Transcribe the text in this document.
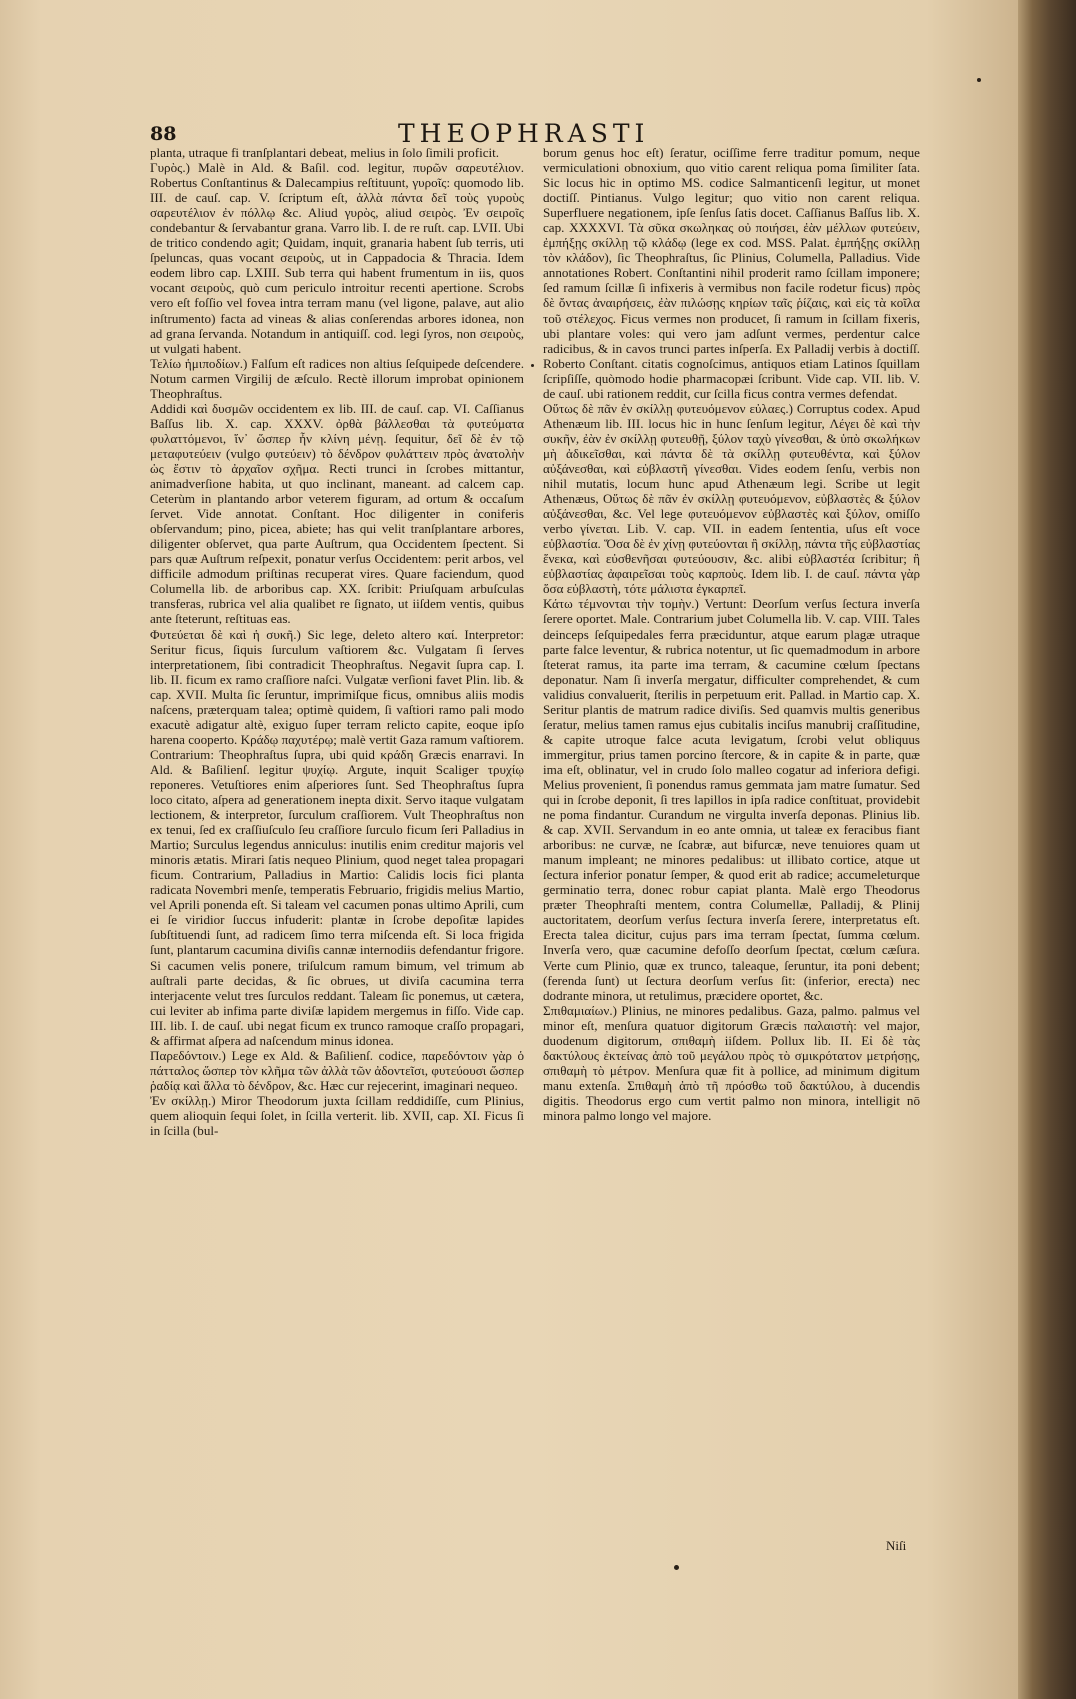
88	THEOPHRASTI

planta, utraque fi tranſplantari debeat, melius in ſolo ſimili proficit.

Γυρὸς.) Malè in Ald. & Baſil. cod. legitur, πυρῶν σαρευτέλιον. Robertus Conſtantinus & Dalecampius reſtituunt, γυροῖς: quomodo lib. III. de cauſ. cap. V. ſcriptum eſt, ἀλλὰ πάντα δεῖ τοὺς γυροὺς σαρευτέλιον ἐν πόλλῳ &c. Aliud γυρὸς, aliud σειρὸς. Ἐν σειροῖς condebantur & ſervabantur grana. Varro lib. I. de re ruſt. cap. LVII. Ubi de tritico condendo agit; Quidam, inquit, granaria habent ſub terris, uti ſpeluncas, quas vocant σειροὺς, ut in Cappadocia & Thracia. Idem eodem libro cap. LXIII. Sub terra qui habent frumentum in iis, quos vocant σειροὺς, quò cum periculo introitur recenti apertione. Scrobs vero eſt foſſio vel fovea intra terram manu (vel ligone, palave, aut alio inſtrumento) facta ad vineas & alias conſerendas arbores idonea, non ad grana ſervanda. Notandum in antiquiſſ. cod. legi ſyros, non σειροὺς, ut vulgati habent.

Τελίω ἡμιποδίων.) Falſum eſt radices non altius ſeſquipede deſcendere. Notum carmen Virgilij de æſculo. Rectè illorum improbat opinionem Theophraſtus.

Addidi καὶ δυσμῶν occidentem ex lib. III. de cauſ. cap. VI. Caſſianus Baſſus lib. X. cap. XXXV. ὀρθὰ βάλλεσθαι τὰ φυτεύματα φυλαττόμενοι, ἵν᾽ ὥσπερ ἦν κλίνη μένῃ. ſequitur, δεῖ δὲ ἐν τῷ μεταφυτεύειν (vulgo φυτεύειν) τὸ δένδρον φυλάττειν πρὸς ἀνατολὴν ὡς ἔστιν τὸ ἀρχαῖον σχῆμα. Recti trunci in ſcrobes mittantur, animadverſione habita, ut quo inclinant, maneant. ad calcem cap. Ceterùm in plantando arbor veterem figuram, ad ortum & occaſum ſervet. Vide annotat. Conſtant. Hoc diligenter in coniferis obſervandum; pino, picea, abiete; has qui velit tranſplantare arbores, diligenter obſervet, qua parte Auſtrum, qua Occidentem ſpectent. Si pars quæ Auſtrum reſpexit, ponatur verſus Occidentem: perit arbos, vel difficile admodum priſtinas recuperat vires. Quare faciendum, quod Columella lib. de arboribus cap. XX. ſcribit: Priuſquam arbuſculas transferas, rubrica vel alia qualibet re ſignato, ut iiſdem ventis, quibus ante ſteterunt, reſtituas eas.

Φυτεύεται δὲ καὶ ἡ συκῆ.) Sic lege, deleto altero καί. Interpretor: Seritur ficus, ſiquis ſurculum vaſtiorem &c. Vulgatam ſi ſerves interpretationem, ſibi contradicit Theophraſtus. Negavit ſupra cap. I. lib. II. ficum ex ramo craſſiore naſci. Vulgatæ verſioni favet Plin. lib. & cap. XVII. Multa ſic ſeruntur, imprimiſque ficus, omnibus aliis modis naſcens, præterquam talea; optimè quidem, ſi vaſtiori ramo pali modo exacutè adigatur altè, exiguo ſuper terram relicto capite, eoque ipſo harena cooperto. Κράδῳ παχυτέρῳ; malè vertit Gaza ramum vaſtiorem. Contrarium: Theophraſtus ſupra, ubi quid κράδη Græcis enarravi. In Ald. & Baſilienſ. legitur ψυχίῳ. Argute, inquit Scaliger τρυχίῳ reponeres. Vetuſtiores enim aſperiores ſunt. Sed Theophraſtus ſupra loco citato, aſpera ad generationem inepta dixit. Servo itaque vulgatam lectionem, & interpretor, ſurculum craſſiorem. Vult Theophraſtus non ex tenui, ſed ex craſſiuſculo ſeu craſſiore ſurculo ficum ſeri Palladius in Martio; Surculus legendus anniculus: inutilis enim creditur majoris vel minoris ætatis. Mirari ſatis nequeo Plinium, quod neget talea propagari ficum. Contrarium, Palladius in Martio: Calidis locis fici planta radicata Novembri menſe, temperatis Februario, frigidis melius Martio, vel Aprili ponenda eſt. Si taleam vel cacumen ponas ultimo Aprili, cum ei ſe viridior ſuccus infuderit: plantæ in ſcrobe depoſitæ lapides ſubſtituendi ſunt, ad radicem ſimo terra miſcenda eſt. Si loca frigida ſunt, plantarum cacumina diviſis cannæ internodiis defendantur frigore. Si cacumen velis ponere, triſulcum ramum bimum, vel trimum ab auſtrali parte decidas, & ſic obrues, ut diviſa cacumina terra interjacente velut tres ſurculos reddant. Taleam ſic ponemus, ut cætera, cui leviter ab infima parte diviſæ lapidem mergemus in fiſſo. Vide cap. III. lib. I. de cauſ. ubi negat ficum ex trunco ramoque craſſo propagari, & affirmat aſpera ad naſcendum minus idonea.

Παρεδόντοιν.) Lege ex Ald. & Baſilienſ. codice, παρεδόντοιν γὰρ ὁ πάτταλος ὥσπερ τὸν κλῆμα τῶν ἀλλὰ τῶν ἀδοντεῖσι, φυτεύουσι ὥσπερ ῥαδίᾳ καὶ ἄλλα τὸ δένδρον, &c. Hæc cur rejecerint, imaginari nequeo.

Ἐν σκίλλῃ.) Miror Theodorum juxta ſcillam reddidiſſe, cum Plinius, quem alioquin ſequi ſolet, in ſcilla verterit. lib. XVII, cap. XI. Ficus ſi in ſcilla (bul-

borum genus hoc eſt) ſeratur, ociſſime ferre traditur pomum, neque vermiculationi obnoxium, quo vitio carent reliqua poma ſimiliter ſata. Sic locus hic in optimo MS. codice Salmanticenſi legitur, ut monet doctiſſ. Pintianus. Vulgo legitur; quo vitio non carent reliqua. Superfluere negationem, ipſe ſenſus ſatis docet. Caſſianus Baſſus lib. X. cap. XXXXVI. Τὰ σῦκα σκωληκας οὐ ποιήσει, ἐὰν μέλλων φυτεύειν, ἐμπήξῃς σκίλλῃ τῷ κλάδῳ (lege ex cod. MSS. Palat. ἐμπήξῃς σκίλλῃ τὸν κλάδον), ſic Theophraſtus, ſic Plinius, Columella, Palladius. Vide annotationes Robert. Conſtantini nihil proderit ramo ſcillam imponere; ſed ramum ſcillæ ſi infixeris à vermibus non facile rodetur ficus) πρὸς δὲ ὄντας ἀναιρήσεις, ἐὰν πιλώσῃς κηρίων ταῖς ῥίζαις, καὶ εἰς τὰ κοῖλα τοῦ στέλεχος. Ficus vermes non producet, ſi ramum in ſcillam fixeris, ubi plantare voles: qui vero jam adſunt vermes, perdentur calce radicibus, & in cavos trunci partes inſperſa. Ex Palladij verbis à doctiſſ. Roberto Conſtant. citatis cognoſcimus, antiquos etiam Latinos ſquillam ſcripſiſſe, quòmodo hodie pharmacopæi ſcribunt. Vide cap. VII. lib. V. de cauſ. ubi rationem reddit, cur ſcilla ficus contra vermes defendat.

Οὕτως δὲ πᾶν ἐν σκίλλῃ φυτευόμενον εὐλαες.) Corruptus codex. Apud Athenæum lib. III. locus hic in hunc ſenſum legitur, Λέγει δὲ καὶ τὴν συκῆν, ἐὰν ἐν σκίλλῃ φυτευθῇ, ξύλον ταχὺ γίνεσθαι, & ὑπὸ σκωλήκων μὴ ἀδικεῖσθαι, καὶ πάντα δὲ τὰ σκίλλῃ φυτευθέντα, καὶ ξύλον αὐξάνεσθαι, καὶ εὐβλαστῆ γίνεσθαι. Vides eodem ſenſu, verbis non nihil mutatis, locum hunc apud Athenæum legi. Scribe ut legit Athenæus, Οὕτως δὲ πᾶν ἐν σκίλλῃ φυτευόμενον, εὐβλαστὲς & ξύλον αὐξάνεσθαι, &c. Vel lege φυτευόμενον εὐβλαστὲς καὶ ξύλον, omiſſo verbo γίνεται. Lib. V. cap. VII. in eadem ſententia, uſus eſt voce εὐβλαστία. Ὅσα δὲ ἐν χίνῃ φυτεύονται ἢ σκίλλῃ, πάντα τῆς εὐβλαστίας ἕνεκα, καὶ εὐσθενῆσαι φυτεύουσιν, &c. alibi εὐβλαστέα ſcribitur; ἢ εὐβλαστίας ἀφαιρεῖσαι τοὺς καρποὺς. Idem lib. I. de cauſ. πάντα γὰρ ὅσα εὐβλαστὴ, τότε μάλιστα ἐγκαρπεῖ.

Κάτω τέμνονται τὴν τομὴν.) Vertunt: Deorſum verſus ſectura inverſa ſerere oportet. Male. Contrarium jubet Columella lib. V. cap. VIII. Tales deinceps ſeſquipedales ferra præciduntur, atque earum plagæ utraque parte falce leventur, & rubrica notentur, ut ſic quemadmodum in arbore ſteterat ramus, ita parte ima terram, & cacumine cœlum ſpectans deponatur. Nam ſi inverſa mergatur, difficulter comprehendet, & cum validius convaluerit, ſterilis in perpetuum erit. Pallad. in Martio cap. X. Seritur plantis de matrum radice diviſis. Sed quamvis multis generibus ſeratur, melius tamen ramus ejus cubitalis inciſus manubrij craſſitudine, & capite utroque falce acuta levigatum, ſcrobi velut obliquus immergitur, prius tamen porcino ſtercore, & in capite & in parte, quæ ima eſt, oblinatur, vel in crudo ſolo malleo cogatur ad inferiora defigi. Melius provenient, ſi ponendus ramus gemmata jam matre ſumatur. Sed qui in ſcrobe deponit, ſi tres lapillos in ipſa radice conſtituat, providebit ne poma findantur. Curandum ne virgulta inverſa deponas. Plinius lib. & cap. XVII. Servandum in eo ante omnia, ut taleæ ex feracibus fiant arboribus: ne curvæ, ne ſcabræ, aut bifurcæ, neve tenuiores quam ut manum impleant; ne minores pedalibus: ut illibato cortice, atque ut ſectura inferior ponatur ſemper, & quod erit ab radice; accumeleturque germinatio terra, donec robur capiat planta. Malè ergo Theodorus præter Theophraſti mentem, contra Columellæ, Palladij, & Plinij auctoritatem, deorſum verſus ſectura inverſa ſerere, interpretatus eſt. Erecta talea dicitur, cujus pars ima terram ſpectat, ſumma cœlum. Inverſa vero, quæ cacumine defoſſo deorſum ſpectat, cœlum cæſura. Verte cum Plinio, quæ ex trunco, taleaque, ſeruntur, ita poni debent; (ferenda ſunt) ut ſectura deorſum verſus ſit: (inferior, erecta) nec dodrante minora, ut retulimus, præcidere oportet, &c.

Σπιθαμιαίων.) Plinius, ne minores pedalibus. Gaza, palmo. palmus vel minor eſt, menſura quatuor digitorum Græcis παλαιστὴ: vel major, duodenum digitorum, σπιθαμὴ iiſdem. Pollux lib. II. Εἰ δὲ τὰς δακτύλους ἐκτείνας ἀπὸ τοῦ μεγάλου πρὸς τὸ σμικρότατον μετρήσῃς, σπιθαμὴ τὸ μέτρον. Menſura quæ fit à pollice, ad minimum digitum manu extenſa. Σπιθαμὴ ἀπὸ τῆ πρόσθω τοῦ δακτύλου, à ducendis digitis. Theodorus ergo cum vertit palmo non minora, intelligit nō minora palmo longo vel majore.

Niſi
